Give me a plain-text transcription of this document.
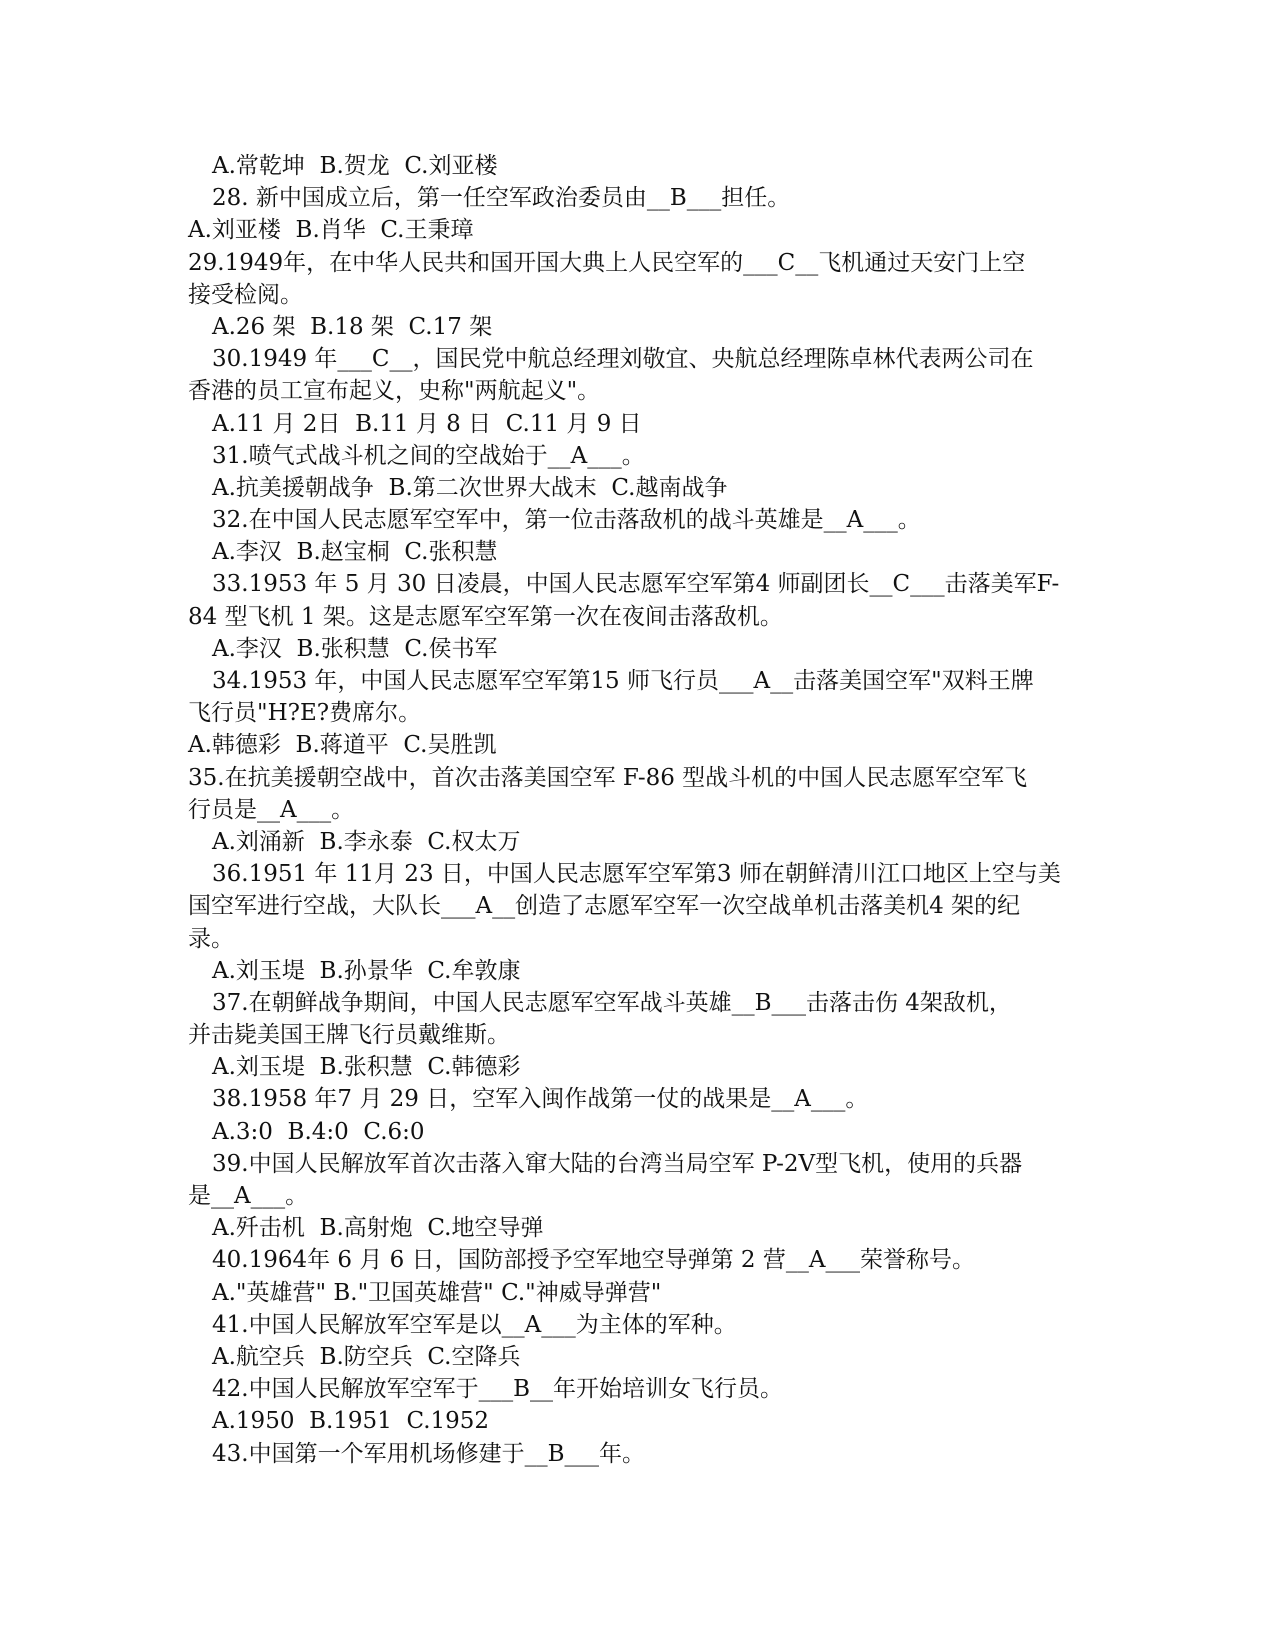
A.常乾坤  B.贺龙  C.刘亚楼
28. 新中国成立后，第一任空军政治委员由__B___担任。
A.刘亚楼  B.肖华  C.王秉璋
29.1949年，在中华人民共和国开国大典上人民空军的___C__飞机通过天安门上空
接受检阅。
A.26 架  B.18 架  C.17 架
30.1949 年___C__，国民党中航总经理刘敬宜、央航总经理陈卓林代表两公司在
香港的员工宣布起义，史称"两航起义"。
A.11 月 2日  B.11 月 8 日  C.11 月 9 日
31.喷气式战斗机之间的空战始于__A___。
A.抗美援朝战争  B.第二次世界大战末  C.越南战争
32.在中国人民志愿军空军中，第一位击落敌机的战斗英雄是__A___。
A.李汉  B.赵宝桐  C.张积慧
33.1953 年 5 月 30 日凌晨，中国人民志愿军空军第4 师副团长__C___击落美军F-
84 型飞机 1 架。这是志愿军空军第一次在夜间击落敌机。
A.李汉  B.张积慧  C.侯书军
34.1953 年，中国人民志愿军空军第15 师飞行员___A__击落美国空军"双料王牌
飞行员"H?E?费席尔。
A.韩德彩  B.蒋道平  C.吴胜凯
35.在抗美援朝空战中，首次击落美国空军 F-86 型战斗机的中国人民志愿军空军飞
行员是__A___。
A.刘涌新  B.李永泰  C.权太万
36.1951 年 11月 23 日，中国人民志愿军空军第3 师在朝鲜清川江口地区上空与美
国空军进行空战，大队长___A__创造了志愿军空军一次空战单机击落美机4 架的纪
录。
A.刘玉堤  B.孙景华  C.牟敦康
37.在朝鲜战争期间，中国人民志愿军空军战斗英雄__B___击落击伤 4架敌机，
并击毙美国王牌飞行员戴维斯。
A.刘玉堤  B.张积慧  C.韩德彩
38.1958 年7 月 29 日，空军入闽作战第一仗的战果是__A___。
A.3:0  B.4:0  C.6:0
39.中国人民解放军首次击落入窜大陆的台湾当局空军 P-2V型飞机，使用的兵器
是__A___。
A.歼击机  B.高射炮  C.地空导弹
40.1964年 6 月 6 日，国防部授予空军地空导弹第 2 营__A___荣誉称号。
A."英雄营" B."卫国英雄营" C."神威导弹营"
41.中国人民解放军空军是以__A___为主体的军种。
A.航空兵  B.防空兵  C.空降兵
42.中国人民解放军空军于___B__年开始培训女飞行员。
A.1950  B.1951  C.1952
43.中国第一个军用机场修建于__B___年。
